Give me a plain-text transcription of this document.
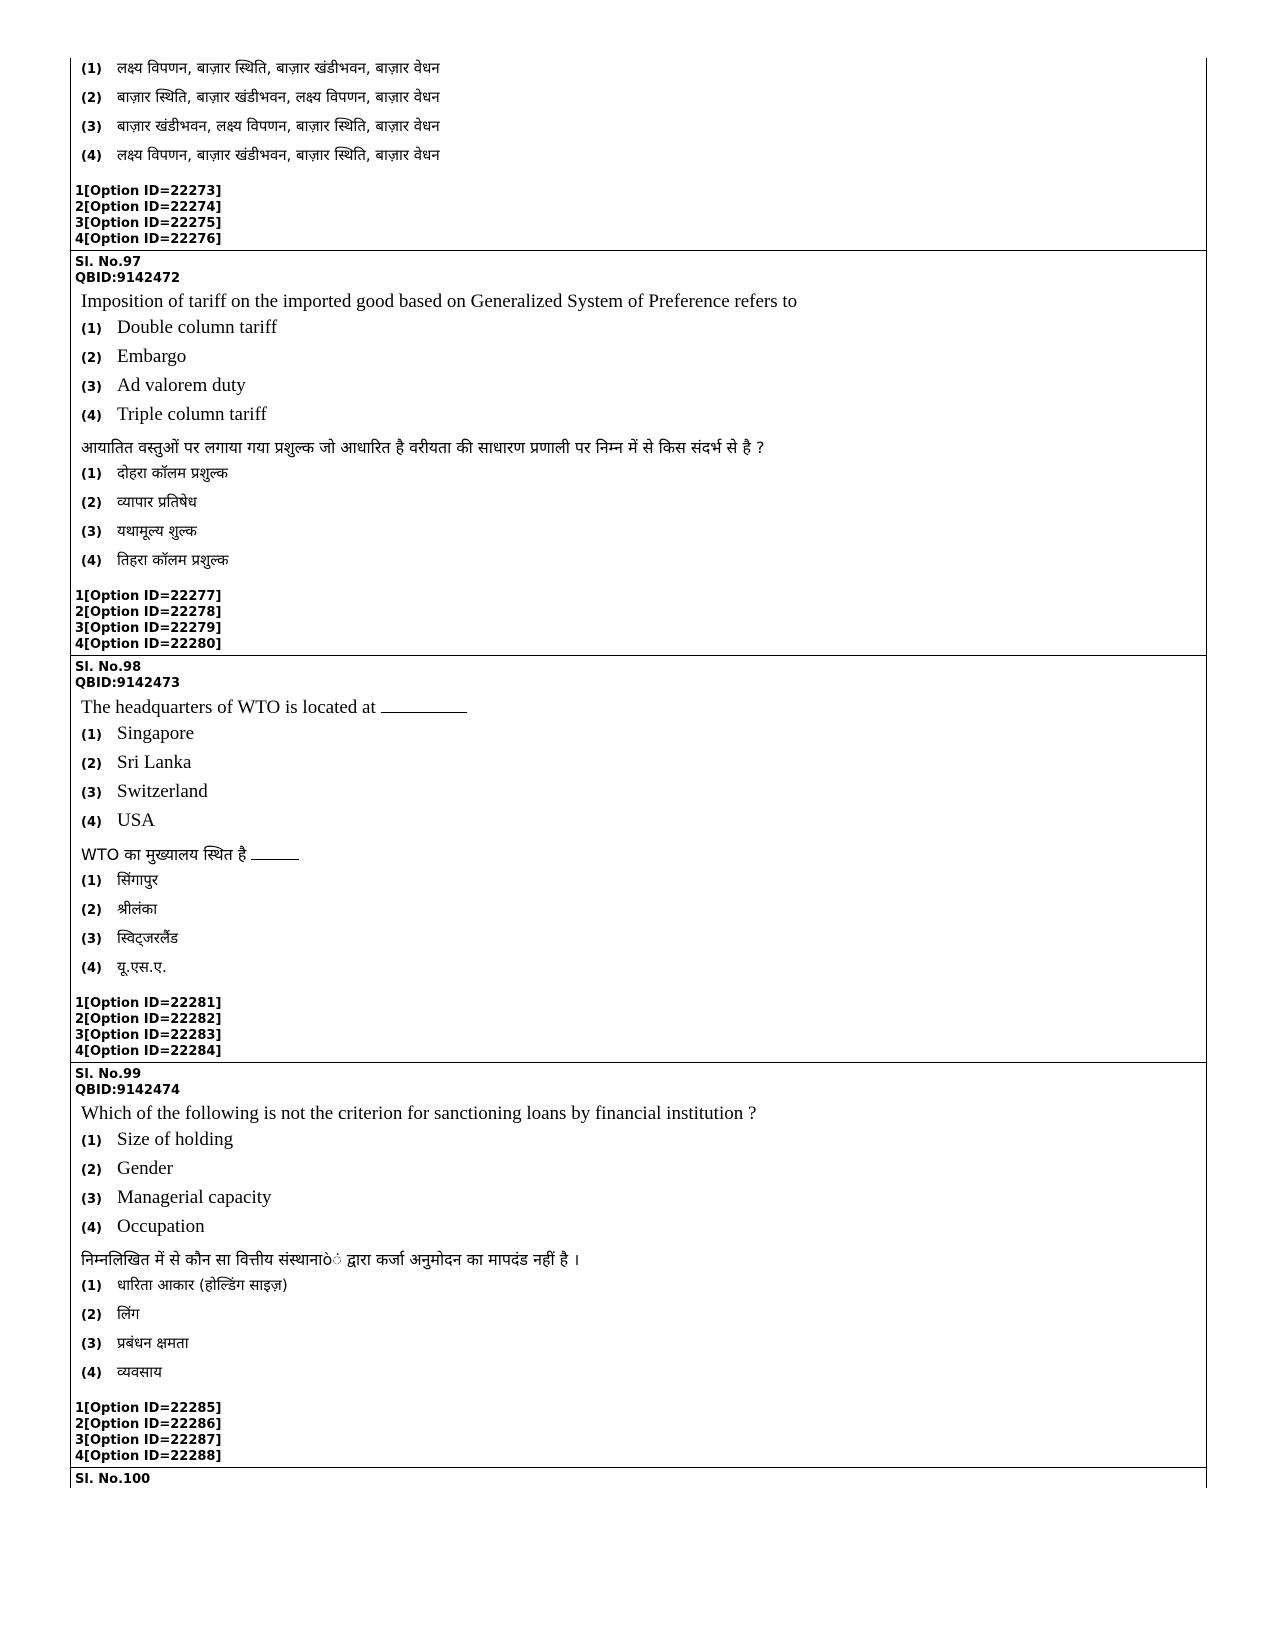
(1)	लक्ष्य विपणन, बाज़ार स्थिति, बाज़ार खंडीभवन, बाज़ार वेधन
(2)	बाज़ार स्थिति, बाज़ार खंडीभवन, लक्ष्य विपणन, बाज़ार वेधन
(3)	बाज़ार खंडीभवन, लक्ष्य विपणन, बाज़ार स्थिति, बाज़ार वेधन
(4)	लक्ष्य विपणन, बाज़ार खंडीभवन, बाज़ार स्थिति, बाज़ार वेधन
1[Option ID=22273]
2[Option ID=22274]
3[Option ID=22275]
4[Option ID=22276]
Sl. No.97
QBID:9142472
Imposition of tariff on the imported good based on Generalized System of Preference refers to
(1) Double column tariff
(2) Embargo
(3) Ad valorem duty
(4) Triple column tariff
आयातित वस्तुओं पर लगाया गया प्रशुल्क जो आधारित है वरीयता की साधारण प्रणाली पर निम्न में से किस संदर्भ से है ?
(1)	दोहरा कॉलम प्रशुल्क
(2)	व्यापार प्रतिषेध
(3)	यथामूल्य शुल्क
(4)	तिहरा कॉलम प्रशुल्क
1[Option ID=22277]
2[Option ID=22278]
3[Option ID=22279]
4[Option ID=22280]
Sl. No.98
QBID:9142473
The headquarters of WTO is located at
(1) Singapore
(2) Sri Lanka
(3) Switzerland
(4) USA
WTO का मुख्यालय स्थित है
(1)	सिंगापुर
(2)	श्रीलंका
(3)	स्विट्जरलैंड
(4)	यू.एस.ए.
1[Option ID=22281]
2[Option ID=22282]
3[Option ID=22283]
4[Option ID=22284]
Sl. No.99
QBID:9142474
Which of the following is not the criterion for sanctioning loans by financial institution ?
(1) Size of holding
(2) Gender
(3) Managerial capacity
(4) Occupation
निम्नलिखित में से कौन सा वित्तीय संस्थानाòं द्वारा कर्जा अनुमोदन का मापदंड नहीं है ।
(1)	धारिता आकार (होल्डिंग साइज़)
(2)	लिंग
(3)	प्रबंधन क्षमता
(4)	व्यवसाय
1[Option ID=22285]
2[Option ID=22286]
3[Option ID=22287]
4[Option ID=22288]
Sl. No.100
